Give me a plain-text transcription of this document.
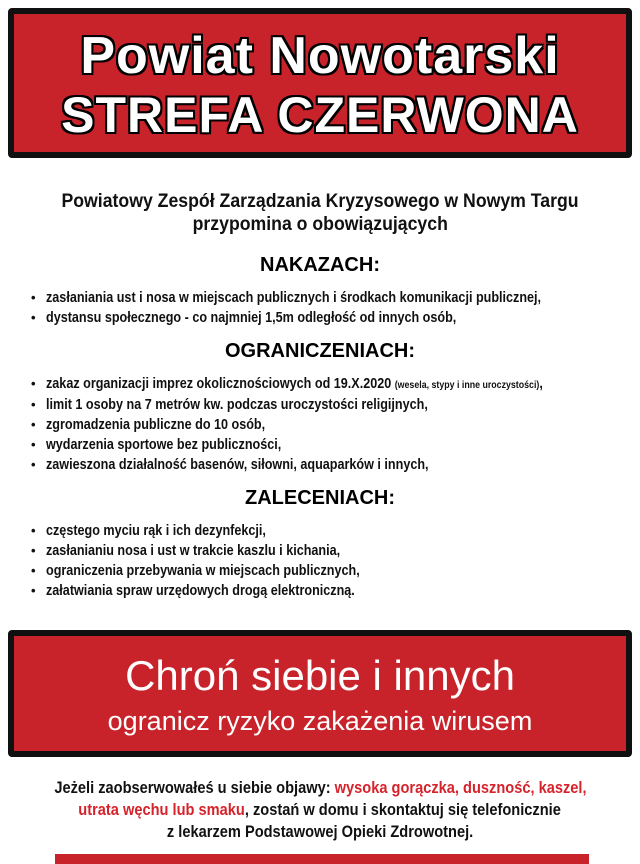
Powiat Nowotarski
STREFA CZERWONA
Powiatowy Zespół Zarządzania Kryzysowego w Nowym Targu
przypomina o obowiązujących
NAKAZACH:
• zasłaniania ust i nosa w miejscach publicznych i środkach komunikacji publicznej,
• dystansu społecznego - co najmniej 1,5m odległość od innych osób,
OGRANICZENIACH:
• zakaz organizacji imprez okolicznościowych od 19.X.2020 (wesela, stypy i inne uroczystości),
• limit 1 osoby na 7 metrów kw. podczas uroczystości religijnych,
• zgromadzenia publiczne do 10 osób,
• wydarzenia sportowe bez publiczności,
• zawieszona działalność basenów, siłowni, aquaparków i innych,
ZALECENIACH:
• częstego myciu rąk i ich dezynfekcji,
• zasłanianiu nosa i ust w trakcie kaszlu i kichania,
• ograniczenia przebywania w miejscach publicznych,
• załatwiania spraw urzędowych drogą elektroniczną.
Chroń siebie i innych
ogranicz ryzyko zakażenia wirusem
Jeżeli zaobserwowałeś u siebie objawy: wysoka gorączka, duszność, kaszel,
utrata węchu lub smaku, zostań w domu i skontaktuj się telefonicznie
z lekarzem Podstawowej Opieki Zdrowotnej.
